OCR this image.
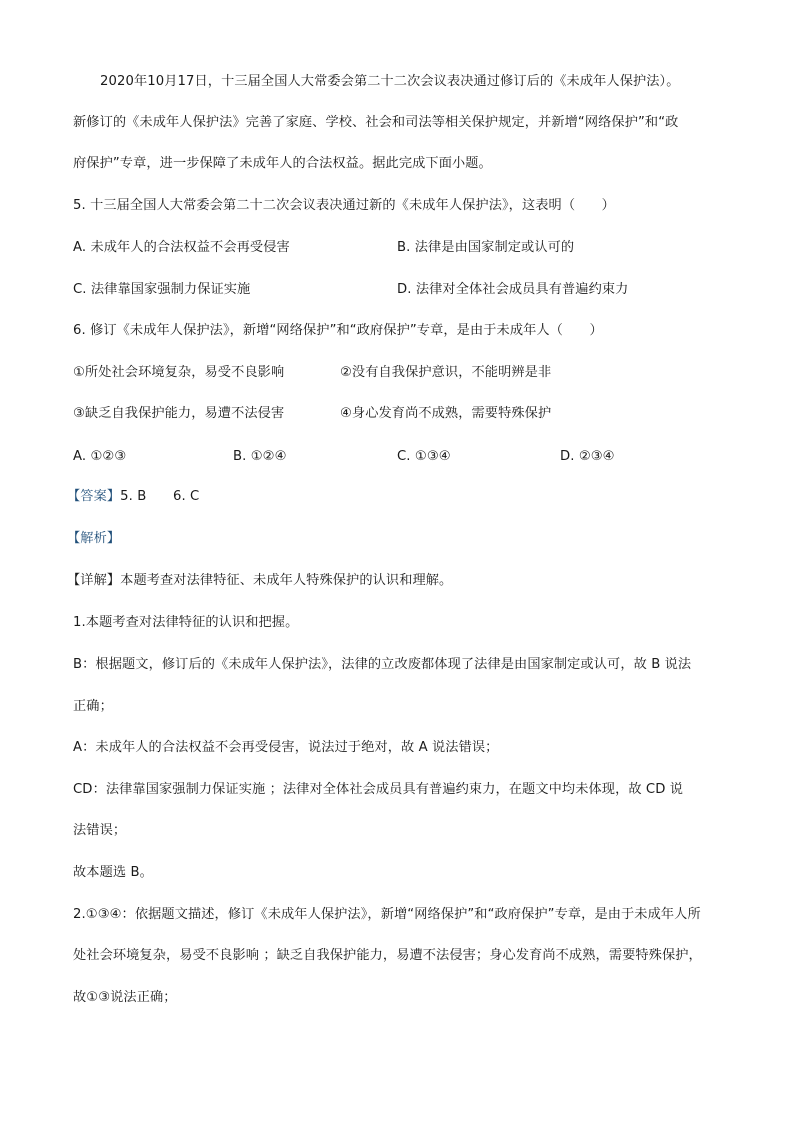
2020年10月17日，十三届全国人大常委会第二十二次会议表决通过修订后的《未成年人保护法）。
新修订的《未成年人保护法》完善了家庭、学校、社会和司法等相关保护规定，并新增“网络保护”和“政
府保护”专章，进一步保障了未成年人的合法权益。据此完成下面小题。
5. 十三届全国人大常委会第二十二次会议表决通过新的《未成年人保护法》，这表明（　　）
A. 未成年人的合法权益不会再受侵害	B. 法律是由国家制定或认可的
C. 法律靠国家强制力保证实施	D. 法律对全体社会成员具有普遍约束力
6. 修订《未成年人保护法》，新增“网络保护”和“政府保护”专章，是由于未成年人（　　）
①所处社会环境复杂，易受不良影响	②没有自我保护意识，不能明辨是非
③缺乏自我保护能力，易遭不法侵害	④身心发育尚不成熟，需要特殊保护
A. ①②③	B. ①②④	C. ①③④	D. ②③④
【答案】5. B　　6. C
【解析】
【详解】本题考查对法律特征、未成年人特殊保护的认识和理解。
1.本题考查对法律特征的认识和把握。
B：根据题文，修订后的《未成年人保护法》，法律的立改废都体现了法律是由国家制定或认可，故 B 说法
正确；
A：未成年人的合法权益不会再受侵害，说法过于绝对，故 A 说法错误；
CD：法律靠国家强制力保证实施 ；法律对全体社会成员具有普遍约束力，在题文中均未体现，故 CD 说
法错误；
故本题选 B。
2.①③④：依据题文描述，修订《未成年人保护法》，新增“网络保护”和“政府保护”专章，是由于未成年人所
处社会环境复杂，易受不良影响 ；缺乏自我保护能力，易遭不法侵害；身心发育尚不成熟，需要特殊保护，
故①③说法正确；
